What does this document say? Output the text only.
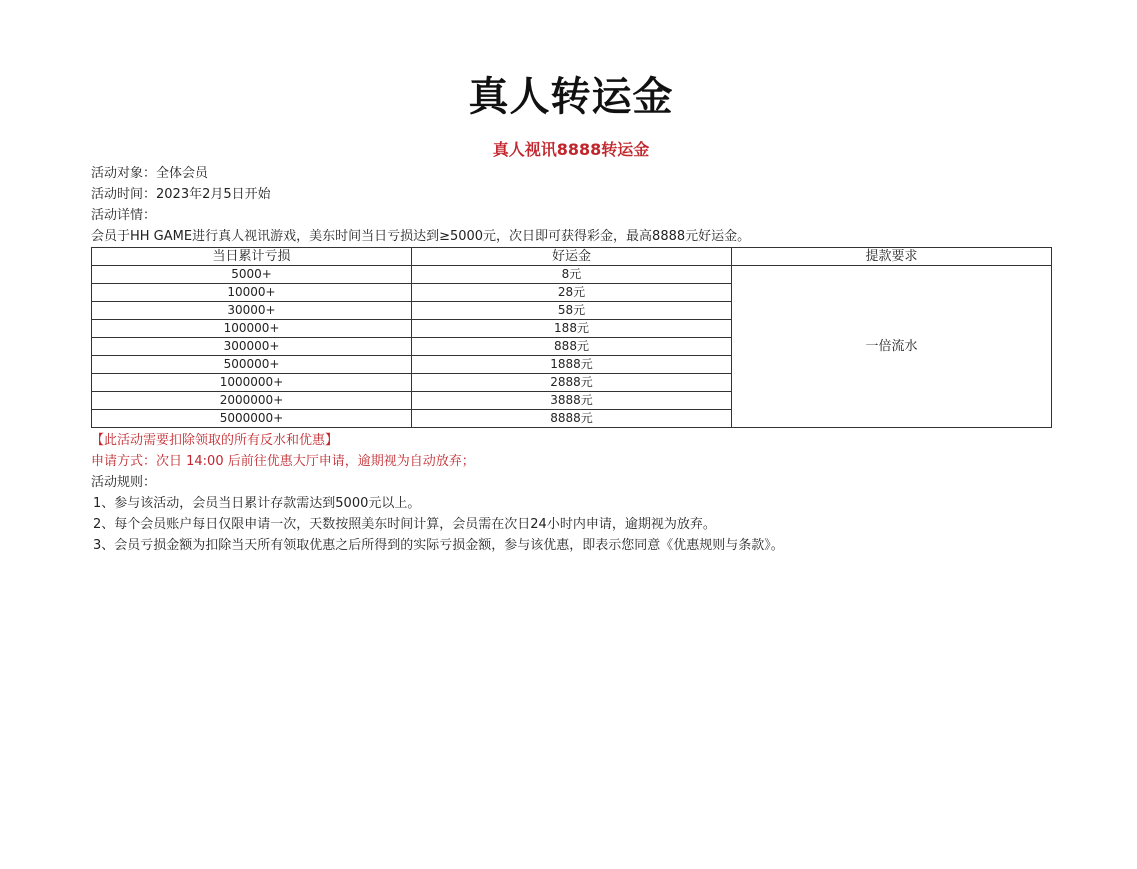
真人转运金
真人视讯8888转运金

活动对象：全体会员

活动时间：2023年2月5日开始

活动详情：

会员于HH GAME进行真人视讯游戏，美东时间当日亏损达到≥5000元，次日即可获得彩金，最高8888元好运金。

当日累计亏损	好运金	提款要求
5000+	8元	一倍流水
10000+	28元	
30000+	58元	
100000+	188元	
300000+	888元	
500000+	1888元	
1000000+	2888元	
2000000+	3888元	
5000000+	8888元	

【此活动需要扣除领取的所有反水和优惠】

申请方式：次日 14:00 后前往优惠大厅申请，逾期视为自动放弃；

活动规则：

1、参与该活动，会员当日累计存款需达到5000元以上。

2、每个会员账户每日仅限申请一次，天数按照美东时间计算，会员需在次日24小时内申请，逾期视为放弃。

3、会员亏损金额为扣除当天所有领取优惠之后所得到的实际亏损金额，参与该优惠，即表示您同意《优惠规则与条款》。
